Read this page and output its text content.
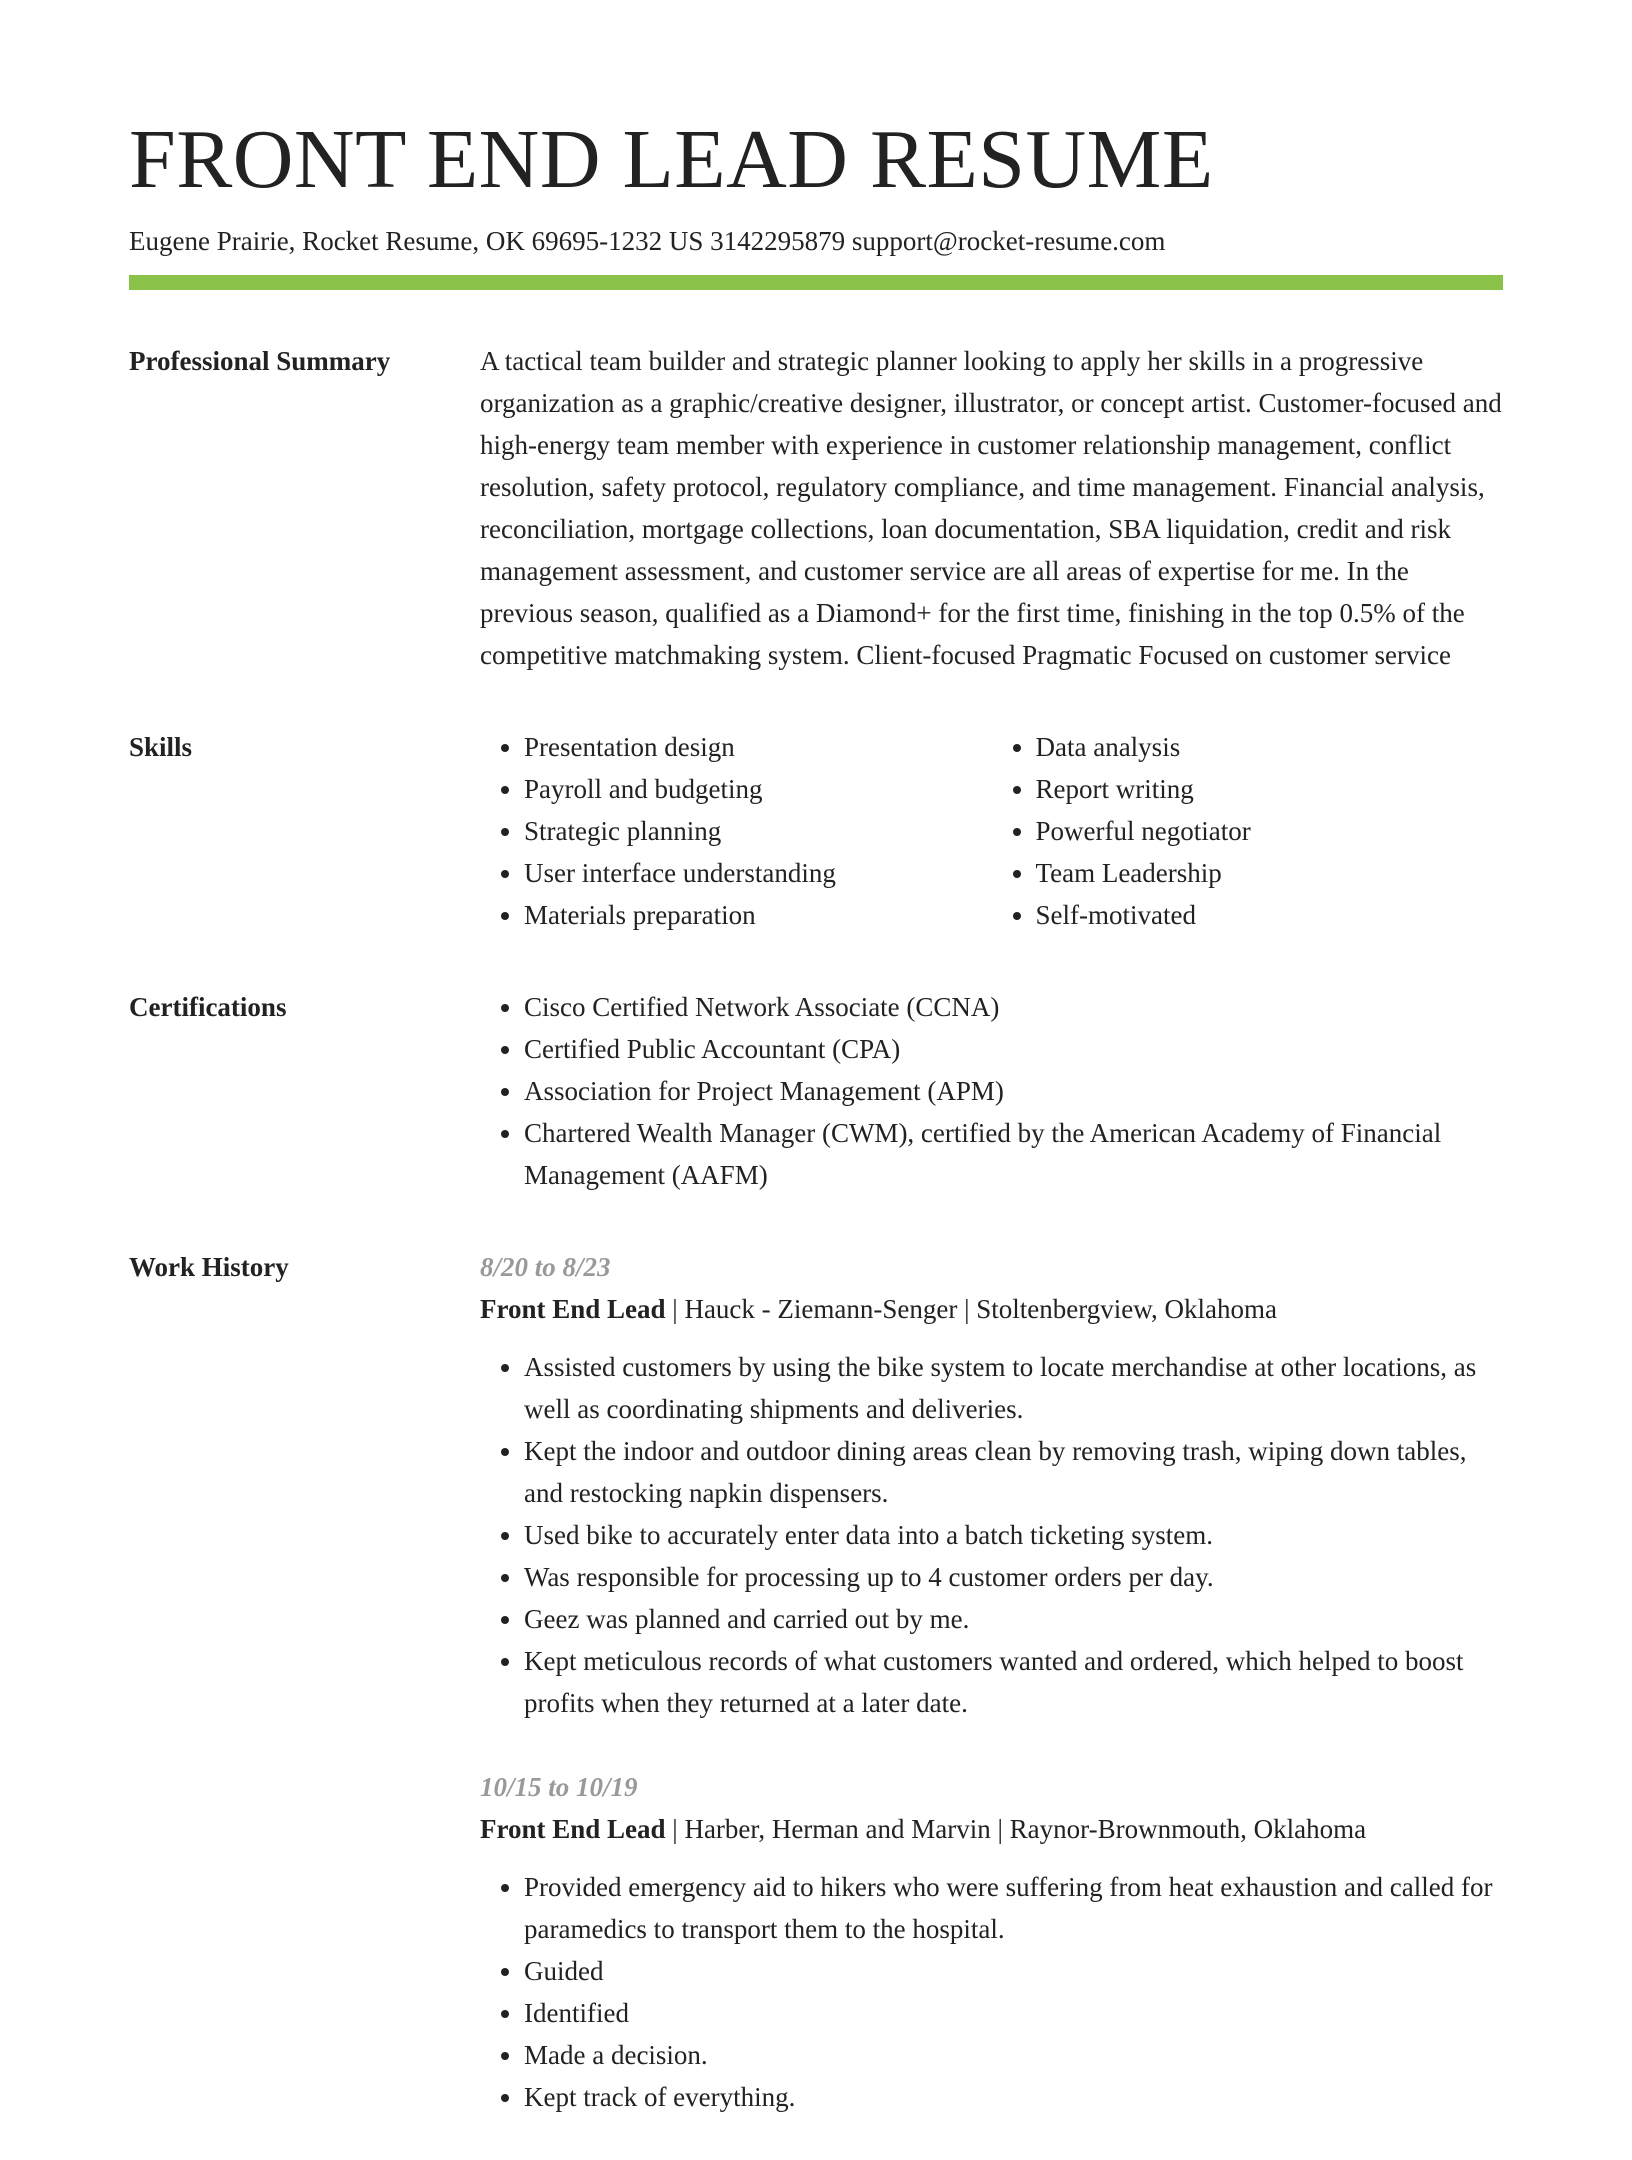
FRONT END LEAD RESUME
Eugene Prairie, Rocket Resume, OK 69695-1232 US 3142295879 support@rocket-resume.com
Professional Summary	A tactical team builder and strategic planner looking to apply her skills in a progressive organization as a graphic/creative designer, illustrator, or concept artist. Customer-focused and high-energy team member with experience in customer relationship management, conflict resolution, safety protocol, regulatory compliance, and time management. Financial analysis, reconciliation, mortgage collections, loan documentation, SBA liquidation, credit and risk management assessment, and customer service are all areas of expertise for me. In the previous season, qualified as a Diamond+ for the first time, finishing in the top 0.5% of the competitive matchmaking system. Client-focused Pragmatic Focused on customer service

Skills	• Presentation design
• Payroll and budgeting
• Strategic planning
• User interface understanding
• Materials preparation
• Data analysis
• Report writing
• Powerful negotiator
• Team Leadership
• Self-motivated
Certifications	• Cisco Certified Network Associate (CCNA)
• Certified Public Accountant (CPA)
• Association for Project Management (APM)
• Chartered Wealth Manager (CWM), certified by the American Academy of Financial Management (AAFM)
Work History	8/20 to 8/23
Front End Lead | Hauck - Ziemann-Senger | Stoltenbergview, Oklahoma
• Assisted customers by using the bike system to locate merchandise at other locations, as well as coordinating shipments and deliveries.
• Kept the indoor and outdoor dining areas clean by removing trash, wiping down tables, and restocking napkin dispensers.
• Used bike to accurately enter data into a batch ticketing system.
• Was responsible for processing up to 4 customer orders per day.
• Geez was planned and carried out by me.
• Kept meticulous records of what customers wanted and ordered, which helped to boost profits when they returned at a later date.
10/15 to 10/19
Front End Lead | Harber, Herman and Marvin | Raynor-Brownmouth, Oklahoma
• Provided emergency aid to hikers who were suffering from heat exhaustion and called for paramedics to transport them to the hospital.
• Guided
• Identified
• Made a decision.
• Kept track of everything.
